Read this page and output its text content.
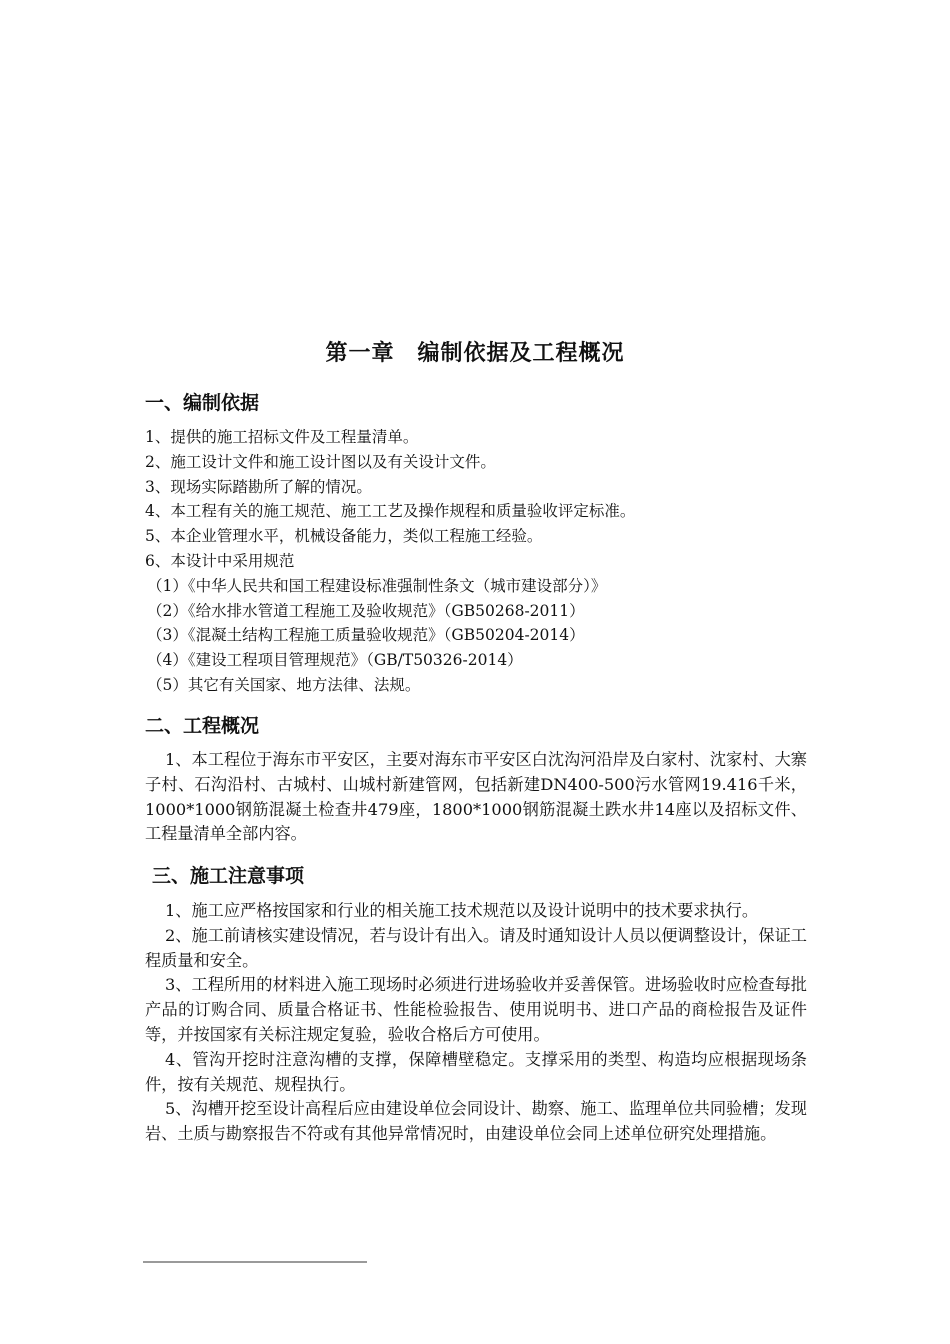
第一章　编制依据及工程概况
一、编制依据
1、提供的施工招标文件及工程量清单。
2、施工设计文件和施工设计图以及有关设计文件。
3、现场实际踏勘所了解的情况。
4、本工程有关的施工规范、施工工艺及操作规程和质量验收评定标准。
5、本企业管理水平，机械设备能力，类似工程施工经验。
6、本设计中采用规范
（1）《中华人民共和国工程建设标准强制性条文（城市建设部分）》
（2）《给水排水管道工程施工及验收规范》（GB50268-2011）
（3）《混凝土结构工程施工质量验收规范》（GB50204-2014）
（4）《建设工程项目管理规范》（GB/T50326-2014）
（5）其它有关国家、地方法律、法规。
二、工程概况
1、本工程位于海东市平安区，主要对海东市平安区白沈沟河沿岸及白家村、沈家村、大寨子村、石沟沿村、古城村、山城村新建管网，包括新建DN400-500污水管网19.416千米，1000*1000钢筋混凝土检查井479座，1800*1000钢筋混凝土跌水井14座以及招标文件、工程量清单全部内容。
三、施工注意事项

1、施工应严格按国家和行业的相关施工技术规范以及设计说明中的技术要求执行。

2、施工前请核实建设情况，若与设计有出入。请及时通知设计人员以便调整设计，保证工程质量和安全。

3、工程所用的材料进入施工现场时必须进行进场验收并妥善保管。进场验收时应检查每批产品的订购合同、质量合格证书、性能检验报告、使用说明书、进口产品的商检报告及证件等，并按国家有关标注规定复验，验收合格后方可使用。

4、管沟开挖时注意沟槽的支撑，保障槽壁稳定。支撑采用的类型、构造均应根据现场条件，按有关规范、规程执行。

5、沟槽开挖至设计高程后应由建设单位会同设计、勘察、施工、监理单位共同验槽；发现岩、土质与勘察报告不符或有其他异常情况时，由建设单位会同上述单位研究处理措施。
